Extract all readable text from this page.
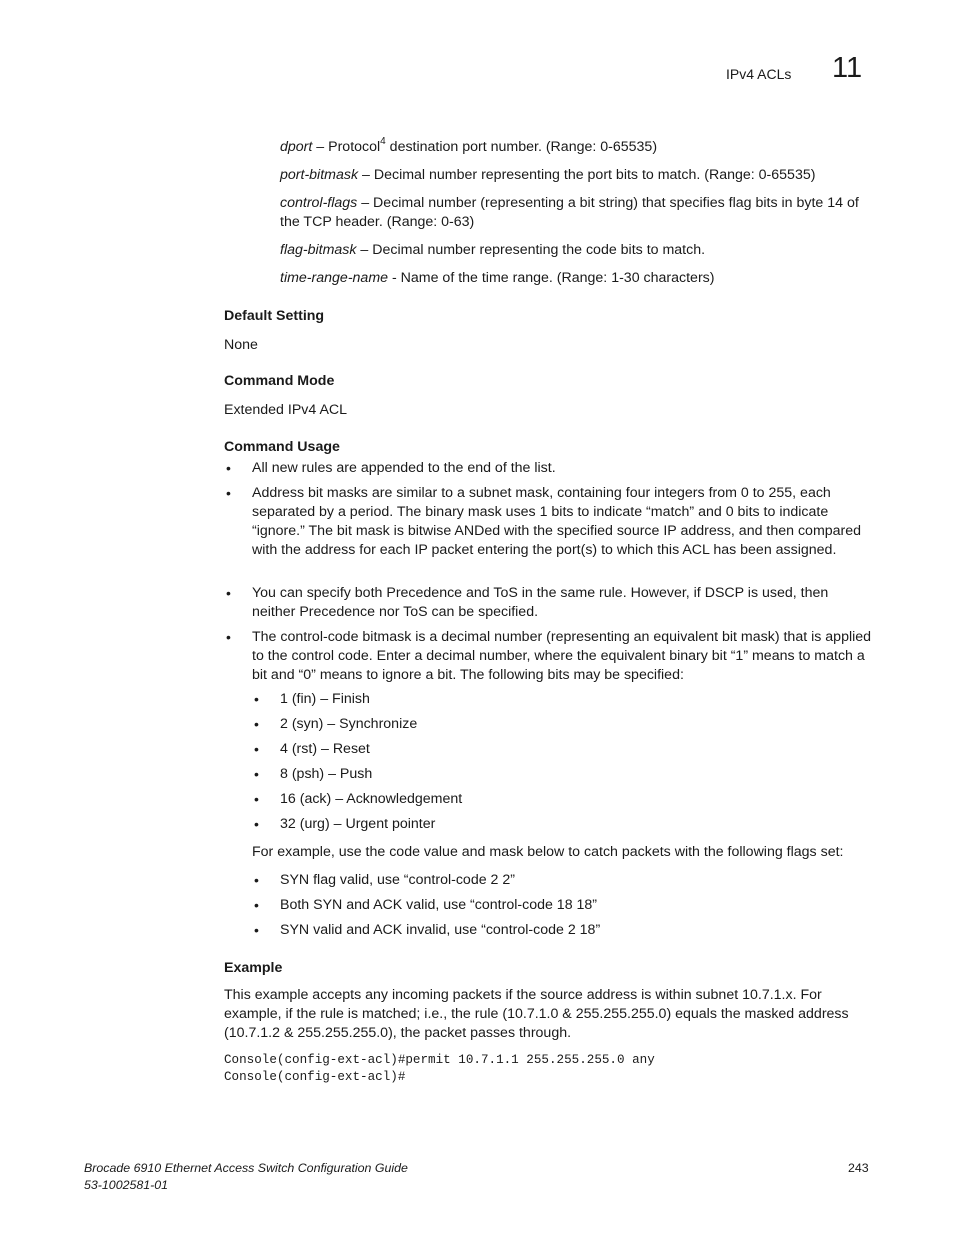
IPv4 ACLs 11
dport – Protocol$^4$ destination port number. (Range: 0-65535)
port-bitmask – Decimal number representing the port bits to match. (Range: 0-65535)
control-flags – Decimal number (representing a bit string) that specifies flag bits in byte 14 of the TCP header. (Range: 0-63)
flag-bitmask – Decimal number representing the code bits to match.
time-range-name - Name of the time range. (Range: 1-30 characters)
Default Setting
None
Command Mode
Extended IPv4 ACL
Command Usage
• All new rules are appended to the end of the list.
• Address bit masks are similar to a subnet mask, containing four integers from 0 to 255, each separated by a period. The binary mask uses 1 bits to indicate “match” and 0 bits to indicate “ignore.” The bit mask is bitwise ANDed with the specified source IP address, and then compared with the address for each IP packet entering the port(s) to which this ACL has been assigned.
• You can specify both Precedence and ToS in the same rule. However, if DSCP is used, then neither Precedence nor ToS can be specified.
• The control-code bitmask is a decimal number (representing an equivalent bit mask) that is applied to the control code. Enter a decimal number, where the equivalent binary bit “1” means to match a bit and “0” means to ignore a bit. The following bits may be specified:
• 1 (fin) – Finish
• 2 (syn) – Synchronize
• 4 (rst) – Reset
• 8 (psh) – Push
• 16 (ack) – Acknowledgement
• 32 (urg) – Urgent pointer
For example, use the code value and mask below to catch packets with the following flags set:
• SYN flag valid, use “control-code 2 2”
• Both SYN and ACK valid, use “control-code 18 18”
• SYN valid and ACK invalid, use “control-code 2 18”
Example
This example accepts any incoming packets if the source address is within subnet 10.7.1.x. For example, if the rule is matched; i.e., the rule (10.7.1.0 & 255.255.255.0) equals the masked address (10.7.1.2 & 255.255.255.0), the packet passes through.
Console(config-ext-acl)#permit 10.7.1.1 255.255.255.0 any
Console(config-ext-acl)#
Brocade 6910 Ethernet Access Switch Configuration Guide
53-1002581-01
243
